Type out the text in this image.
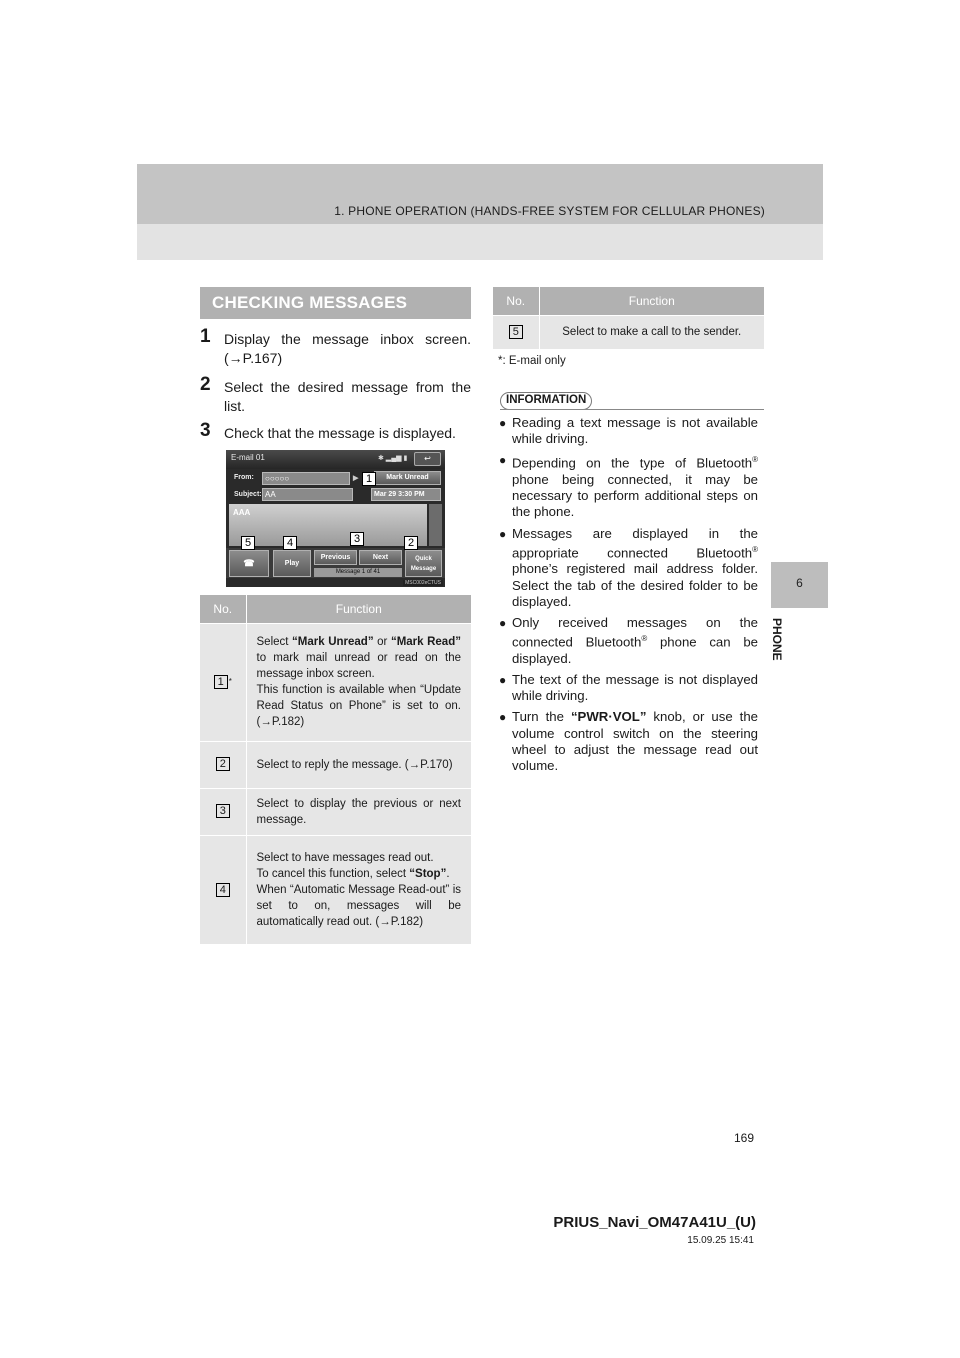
1. PHONE OPERATION (HANDS-FREE SYSTEM FOR CELLULAR PHONES)
6
PHONE
CHECKING MESSAGES
1 Display the message inbox screen. (→P.167)
2 Select the desired message from the list.
3 Check that the message is displayed.
E-mail 01	✱ ▂▄▆ ▮	↩
From:	○○○○○	▶	Mark Unread
Subject: AA	Mar 29 3:30 PM
AAA
☎	Play
Previous	Next
Message 1 of 41
Quick Message
MSC002eCTUS
1
2
3
4
5
No.	Function
1 *	Select “Mark Unread” or “Mark Read” to mark mail unread or read on the message inbox screen.
This function is available when “Update Read Status on Phone” is set to on. (→P.182)

2	Select to reply the message. (→P.170)

3	Select to display the previous or next message.

4	Select to have messages read out.
To cancel this function, select “Stop”.
When “Automatic Message Read-out” is set to on, messages will be automatically read out. (→P.182)
No.	Function
5	Select to make a call to the sender.
*: E-mail only
INFORMATION
● Reading a text message is not available while driving.
● Depending on the type of Bluetooth® phone being connected, it may be necessary to perform additional steps on the phone.
● Messages are displayed in the appropriate connected Bluetooth® phone’s registered mail address folder. Select the tab of the desired folder to be displayed.
● Only received messages on the connected Bluetooth® phone can be displayed.
● The text of the message is not displayed while driving.
● Turn the “PWR·VOL” knob, or use the volume control switch on the steering wheel to adjust the message read out volume.
169
PRIUS_Navi_OM47A41U_(U)
15.09.25 15:41
